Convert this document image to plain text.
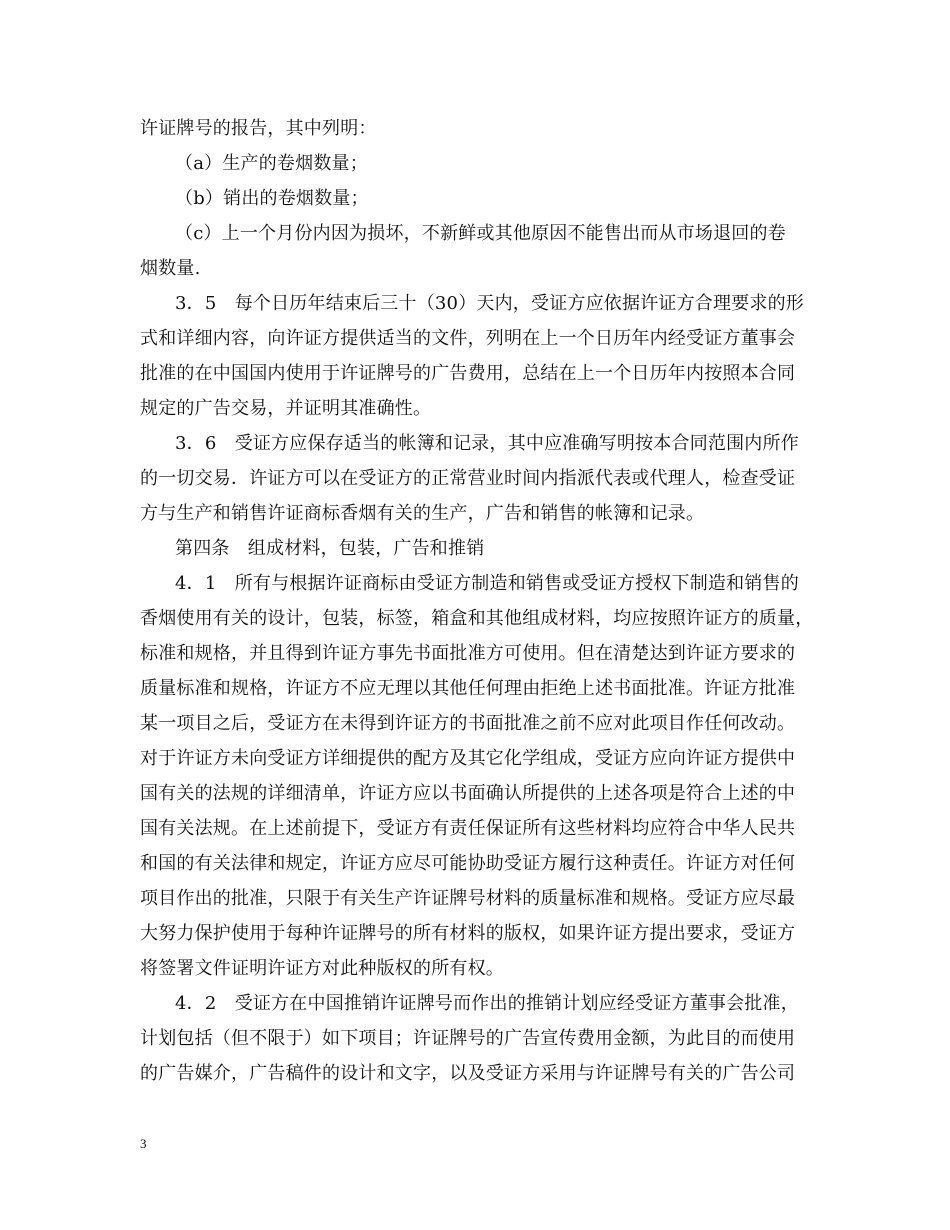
许证牌号的报告，其中列明：
（a）生产的卷烟数量；
（b）销出的卷烟数量；
（c）上一个月份内因为损坏，不新鲜或其他原因不能售出而从市场退回的卷
烟数量.
3．5　每个日历年结束后三十（30）天内，受证方应依据许证方合理要求的形
式和详细内容，向许证方提供适当的文件，列明在上一个日历年内经受证方董事会
批准的在中国国内使用于许证牌号的广告费用，总结在上一个日历年内按照本合同
规定的广告交易，并证明其准确性。
3．6　受证方应保存适当的帐簿和记录，其中应准确写明按本合同范围内所作
的一切交易．许证方可以在受证方的正常营业时间内指派代表或代理人，检查受证
方与生产和销售许证商标香烟有关的生产，广告和销售的帐簿和记录。
第四条　组成材料，包装，广告和推销
4．1　所有与根据许证商标由受证方制造和销售或受证方授权下制造和销售的
香烟使用有关的设计，包装，标签，箱盒和其他组成材料，均应按照许证方的质量，
标准和规格，并且得到许证方事先书面批准方可使用。但在清楚达到许证方要求的
质量标准和规格，许证方不应无理以其他任何理由拒绝上述书面批准。许证方批准
某一项目之后，受证方在未得到许证方的书面批准之前不应对此项目作任何改动。
对于许证方未向受证方详细提供的配方及其它化学组成，受证方应向许证方提供中
国有关的法规的详细清单，许证方应以书面确认所提供的上述各项是符合上述的中
国有关法规。在上述前提下，受证方有责任保证所有这些材料均应符合中华人民共
和国的有关法律和规定，许证方应尽可能协助受证方履行这种责任。许证方对任何
项目作出的批准，只限于有关生产许证牌号材料的质量标准和规格。受证方应尽最
大努力保护使用于每种许证牌号的所有材料的版权，如果许证方提出要求，受证方
将签署文件证明许证方对此种版权的所有权。
4．2　受证方在中国推销许证牌号而作出的推销计划应经受证方董事会批准，
计划包括（但不限于）如下项目；许证牌号的广告宣传费用金额，为此目的而使用
的广告媒介，广告稿件的设计和文字，以及受证方采用与许证牌号有关的广告公司
3
